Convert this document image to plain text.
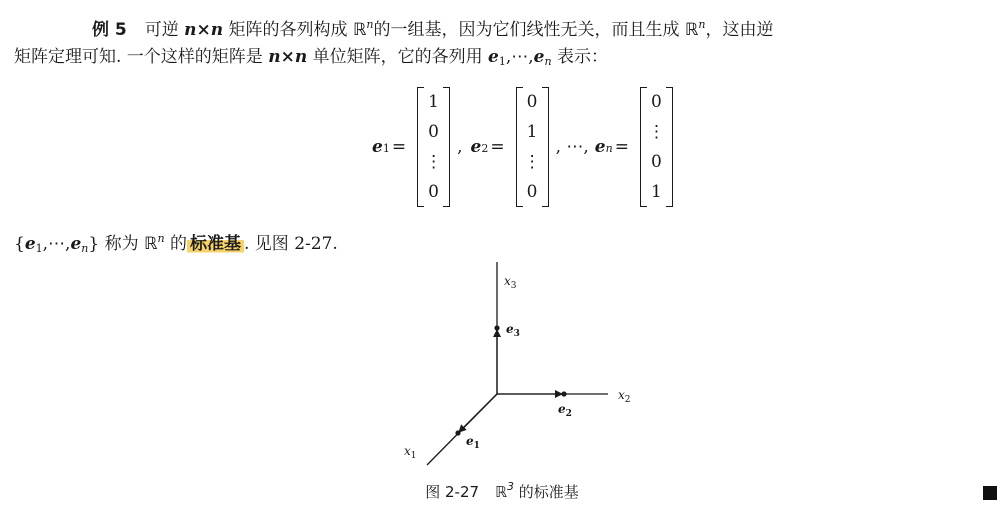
例 5 可逆 n×n 矩阵的各列构成 ℝ$^n$的一组基，因为它们线性无关，而且生成 ℝ$^n$，这由逆
矩阵定理可知. 一个这样的矩阵是 n×n 单位矩阵，它的各列用 $e_1,\cdots,e_n$ 表示：
e 1 =
1
0
⋮
0
, e 2 =
0
1
⋮
0
, ⋯, e n =
0
⋮
0
1
$\{e_1,\cdots,e_n\}$ 称为 ℝ$^n$ 的 标准基 . 见图 2-27.
$x_3$
$x_2$
$x_1$
$e_3$
$e_2$
$e_1$
图 2-27 ℝ$^3$ 的标准基
